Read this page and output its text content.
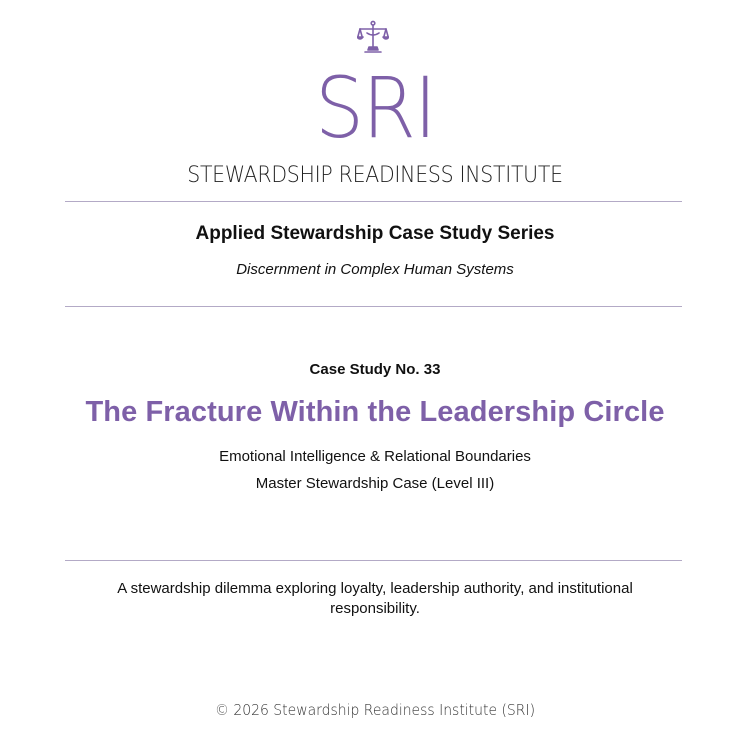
SRI
STEWARDSHIP READINESS INSTITUTE
Applied Stewardship Case Study Series
Discernment in Complex Human Systems
Case Study No. 33
The Fracture Within the Leadership Circle
Emotional Intelligence & Relational Boundaries
Master Stewardship Case (Level III)
A stewardship dilemma exploring loyalty, leadership authority, and institutional responsibility.
© 2026 Stewardship Readiness Institute (SRI)
